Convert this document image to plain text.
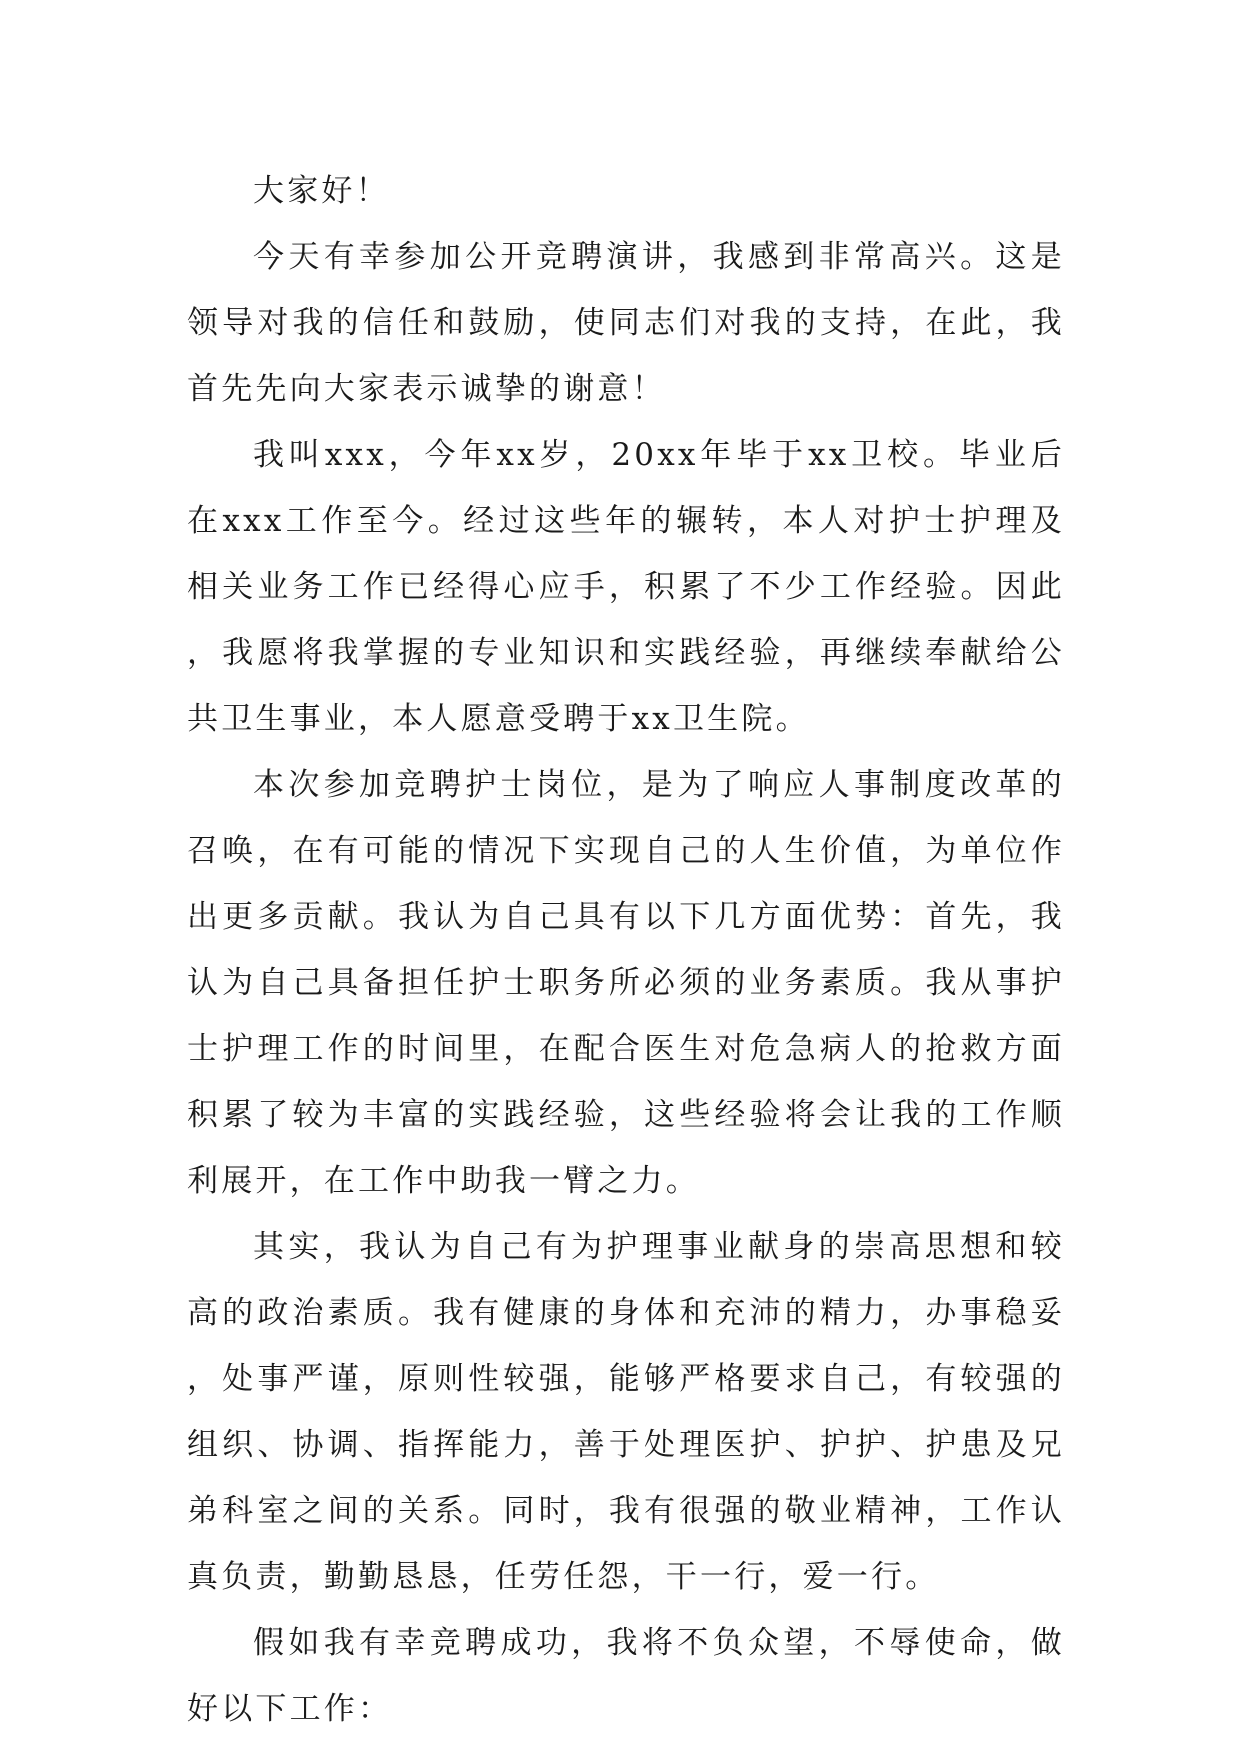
大家好！

今天有幸参加公开竞聘演讲，我感到非常高兴。这是领导对我的信任和鼓励，使同志们对我的支持，在此，我首先先向大家表示诚挚的谢意！

我叫xxx，今年xx岁，20xx年毕于xx卫校。毕业后在xxx工作至今。经过这些年的辗转，本人对护士护理及相关业务工作已经得心应手，积累了不少工作经验。因此，我愿将我掌握的专业知识和实践经验，再继续奉献给公共卫生事业，本人愿意受聘于xx卫生院。

本次参加竞聘护士岗位，是为了响应人事制度改革的召唤，在有可能的情况下实现自己的人生价值，为单位作出更多贡献。我认为自己具有以下几方面优势：首先，我认为自己具备担任护士职务所必须的业务素质。我从事护士护理工作的时间里，在配合医生对危急病人的抢救方面积累了较为丰富的实践经验，这些经验将会让我的工作顺利展开，在工作中助我一臂之力。

其实，我认为自己有为护理事业献身的崇高思想和较高的政治素质。我有健康的身体和充沛的精力，办事稳妥，处事严谨，原则性较强，能够严格要求自己，有较强的组织、协调、指挥能力，善于处理医护、护护、护患及兄弟科室之间的关系。同时，我有很强的敬业精神，工作认真负责，勤勤恳恳，任劳任怨，干一行，爱一行。

假如我有幸竞聘成功，我将不负众望，不辱使命，做好以下工作：
